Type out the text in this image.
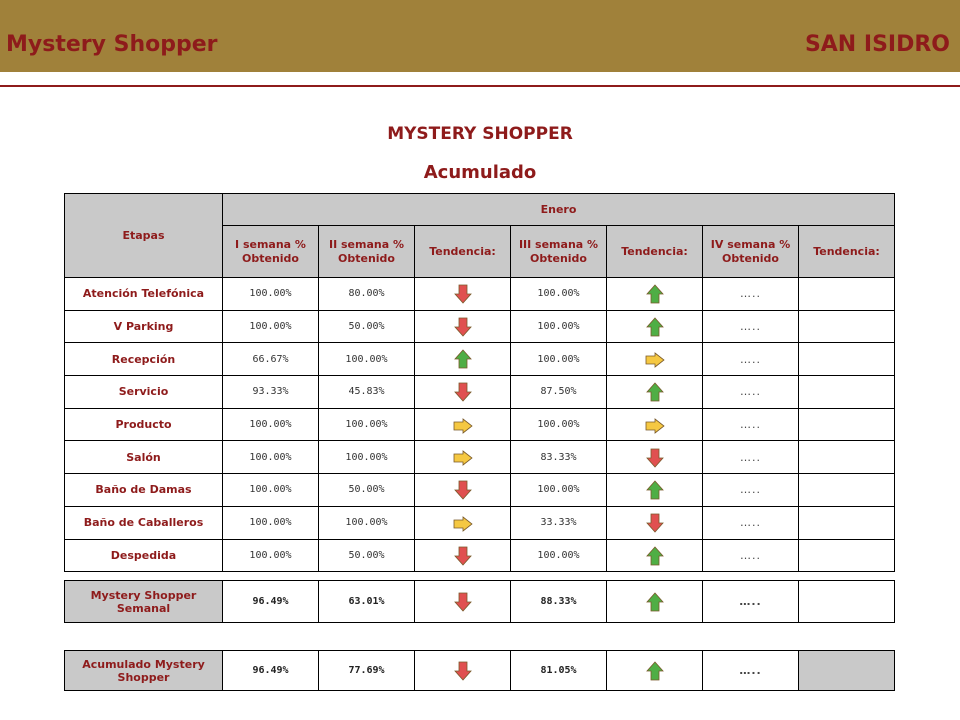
Mystery Shopper	SAN ISIDRO
MYSTERY SHOPPER
Acumulado
Etapas	Enero						
	I semana % Obtenido	II semana % Obtenido	Tendencia:	III semana % Obtenido	Tendencia:	IV semana % Obtenido	Tendencia:
Atención Telefónica	100.00%	80.00%		100.00%		…..	
V Parking	100.00%	50.00%		100.00%		…..	
Recepción	66.67%	100.00%		100.00%		…..	
Servicio	93.33%	45.83%		87.50%		…..	
Producto	100.00%	100.00%		100.00%		…..	
Salón	100.00%	100.00%		83.33%		…..	
Baño de Damas	100.00%	50.00%		100.00%		…..	
Baño de Caballeros	100.00%	100.00%		33.33%		…..	
Despedida	100.00%	50.00%		100.00%		…..	
Mystery Shopper Semanal	96.49%	63.01%		88.33%		…..	
Acumulado Mystery Shopper	96.49%	77.69%		81.05%		…..	
